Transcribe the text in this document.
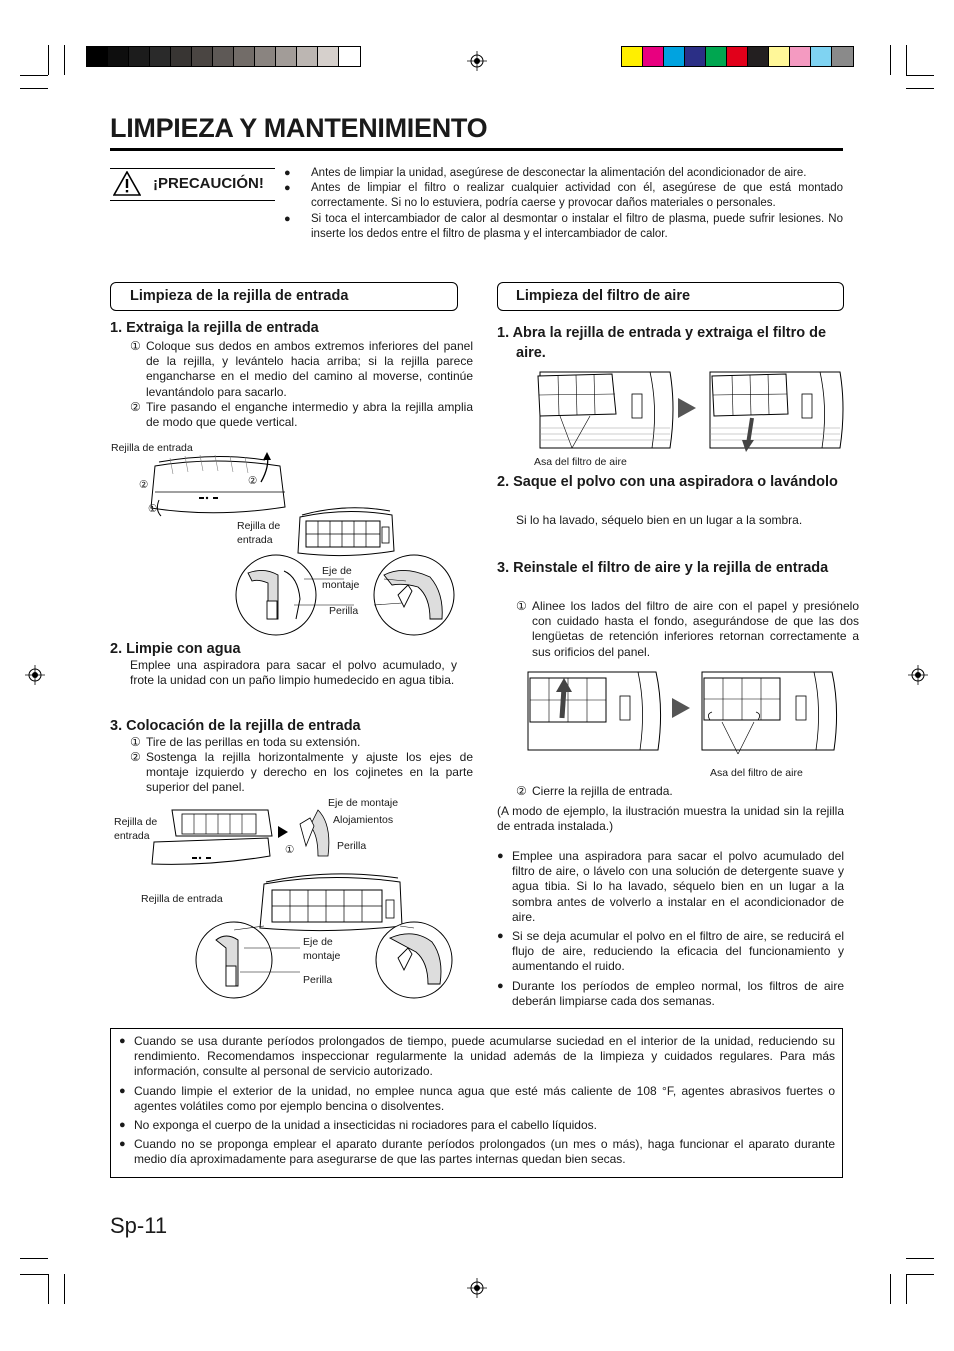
LIMPIEZA Y MANTENIMIENTO
¡PRECAUCIÓN!
● Antes de limpiar la unidad, asegúrese de desconectar la alimentación del acondicionador de aire.
● Antes de limpiar el filtro o realizar cualquier actividad con él, asegúrese de que está montado correctamente. Si no lo estuviera, podría caerse y provocar daños materiales o personales.
● Si toca el intercambiador de calor al desmontar o instalar el filtro de plasma, puede sufrir lesiones. No inserte los dedos entre el filtro de plasma y el intercambiador de calor.
Limpieza de la rejilla de entrada
1. Extraiga la rejilla de entrada
① Coloque sus dedos en ambos extremos inferiores del panel de la rejilla, y levántelo hacia arriba; si la rejilla parece engancharse en el medio del camino al moverse, continúe levantándolo para sacarlo.
② Tire pasando el enganche intermedio y abra la rejilla amplia de modo que quede vertical.
Rejilla de entrada
②	②
①
Rejilla de entrada
Eje de montaje
Perilla
2. Limpie con agua
Emplee una aspiradora para sacar el polvo acumulado, y frote la unidad con un paño limpio humedecido en agua tibia.
3. Colocación de la rejilla de entrada
① Tire de las perillas en toda su extensión.
② Sostenga la rejilla horizontalmente y ajuste los ejes de montaje izquierdo y derecho en los cojinetes en la parte superior del panel.
Rejilla de entrada
Eje de montaje
Alojamientos
Perilla
①
Rejilla de entrada
Eje de montaje
Perilla
Limpieza del filtro de aire
1. Abra la rejilla de entrada y extraiga el filtro de aire.
Asa del filtro de aire
2. Saque el polvo con una aspiradora o lavándolo
Si lo ha lavado, séquelo bien en un lugar a la sombra.
3. Reinstale el filtro de aire y la rejilla de entrada
① Alinee los lados del filtro de aire con el papel y presiónelo con cuidado hasta el fondo, asegurándose de que las dos lengüetas de retención inferiores retornan correctamente a sus orificios del panel.
Asa del filtro de aire
② Cierre la rejilla de entrada.
(A modo de ejemplo, la ilustración muestra la unidad sin la rejilla de entrada instalada.)
● Emplee una aspiradora para sacar el polvo acumulado del filtro de aire, o lávelo con una solución de detergente suave y agua tibia. Si lo ha lavado, séquelo bien en un lugar a la sombra antes de volverlo a instalar en el acondicionador de aire.
● Si se deja acumular el polvo en el filtro de aire, se reducirá el flujo de aire, reduciendo la eficacia del funcionamiento y aumentando el ruido.
● Durante los períodos de empleo normal, los filtros de aire deberán limpiarse cada dos semanas.
● Cuando se usa durante períodos prolongados de tiempo, puede acumularse suciedad en el interior de la unidad, reduciendo su rendimiento. Recomendamos inspeccionar regularmente la unidad además de la limpieza y cuidados regulares. Para más información, consulte al personal de servicio autorizado.
● Cuando limpie el exterior de la unidad, no emplee nunca agua que esté más caliente de 108 °F, agentes abrasivos fuertes o agentes volátiles como por ejemplo bencina o disolventes.
● No exponga el cuerpo de la unidad a insecticidas ni rociadores para el cabello líquidos.
● Cuando no se proponga emplear el aparato durante períodos prolongados (un mes o más), haga funcionar el aparato durante medio día aproximadamente para asegurarse de que las partes internas quedan bien secas.
Sp-11
